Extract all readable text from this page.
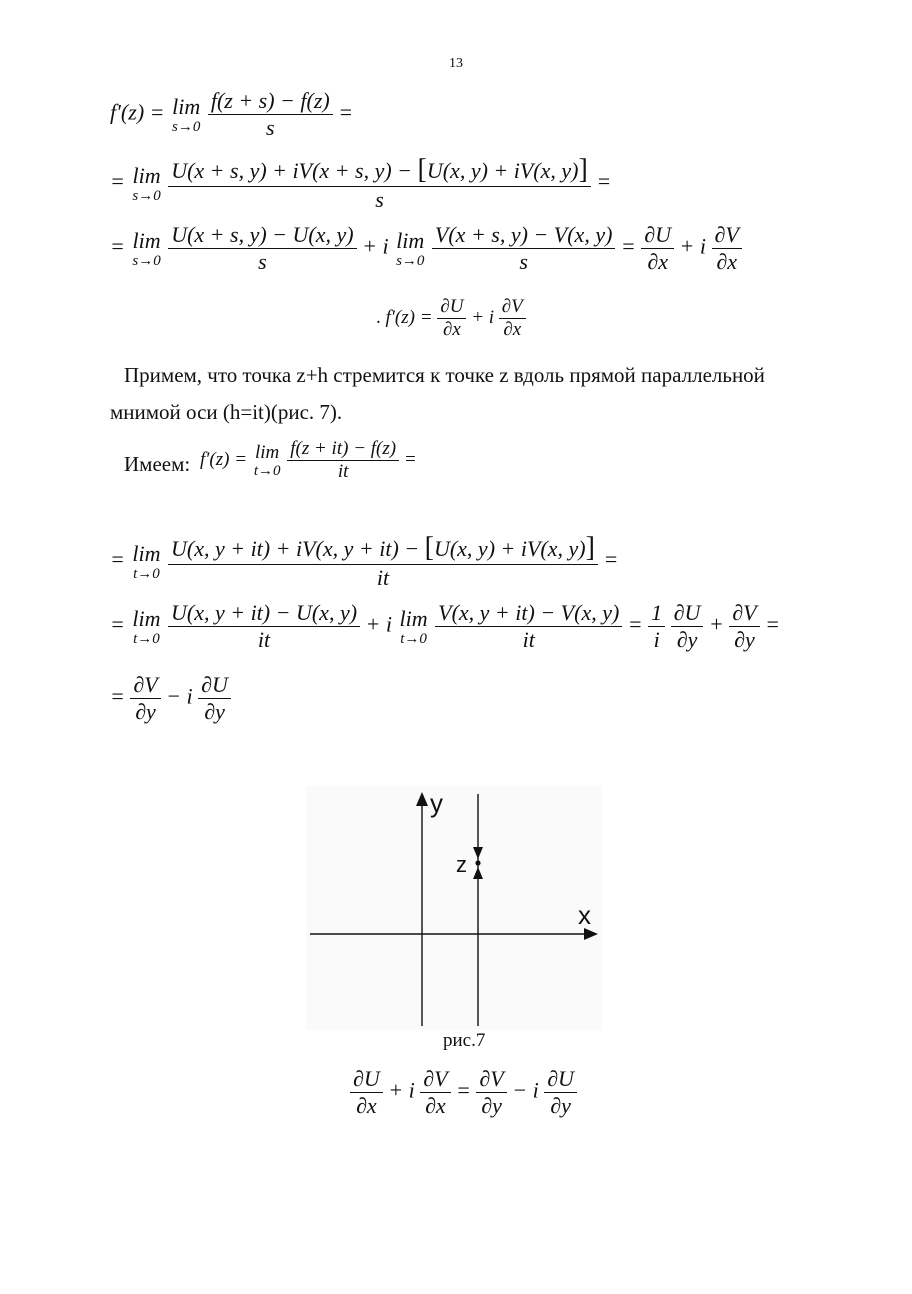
13
f′(z) = lim
s→0
$\frac{f(z + s) - f(z)}{s}$ =
= lim
s→0
$\frac{U(x + s, y) + iV(x + s, y) - [U(x, y) + iV(x, y)]}{s}$ =
= lim
s→0
$\frac{U(x + s, y) - U(x, y)}{s} + i$ lim
s→0
$\frac{V(x + s, y) - V(x, y)}{s} = \frac{\partial U}{\partial x} + i \frac{\partial V}{\partial x}$
. $f'(z) = \frac{\partial U}{\partial x} + i \frac{\partial V}{\partial x}$
Примем, что точка z+h стремится к точке z вдоль прямой параллельной
мнимой оси (h=it)(рис. 7).
Имеем: f′(z) = lim
t→0
$\frac{f(z + it) - f(z)}{it}$ =
= lim
t→0
$\frac{U(x, y + it) + iV(x, y + it) - [U(x, y) + iV(x, y)]}{it}$ =
= lim
t→0
$\frac{U(x, y + it) - U(x, y)}{it} + i$ lim
t→0
$\frac{V(x, y + it) - V(x, y)}{it} = \frac{1}{i}$
$\frac{\partial U}{\partial y} + \frac{\partial V}{\partial y}$ =
= $\frac{\partial V}{\partial y} - i \frac{\partial U}{\partial y}$
y
x
z
рис.7
$\frac{\partial U}{\partial x} + i \frac{\partial V}{\partial x} = \frac{\partial V}{\partial y} - i \frac{\partial U}{\partial y}$
